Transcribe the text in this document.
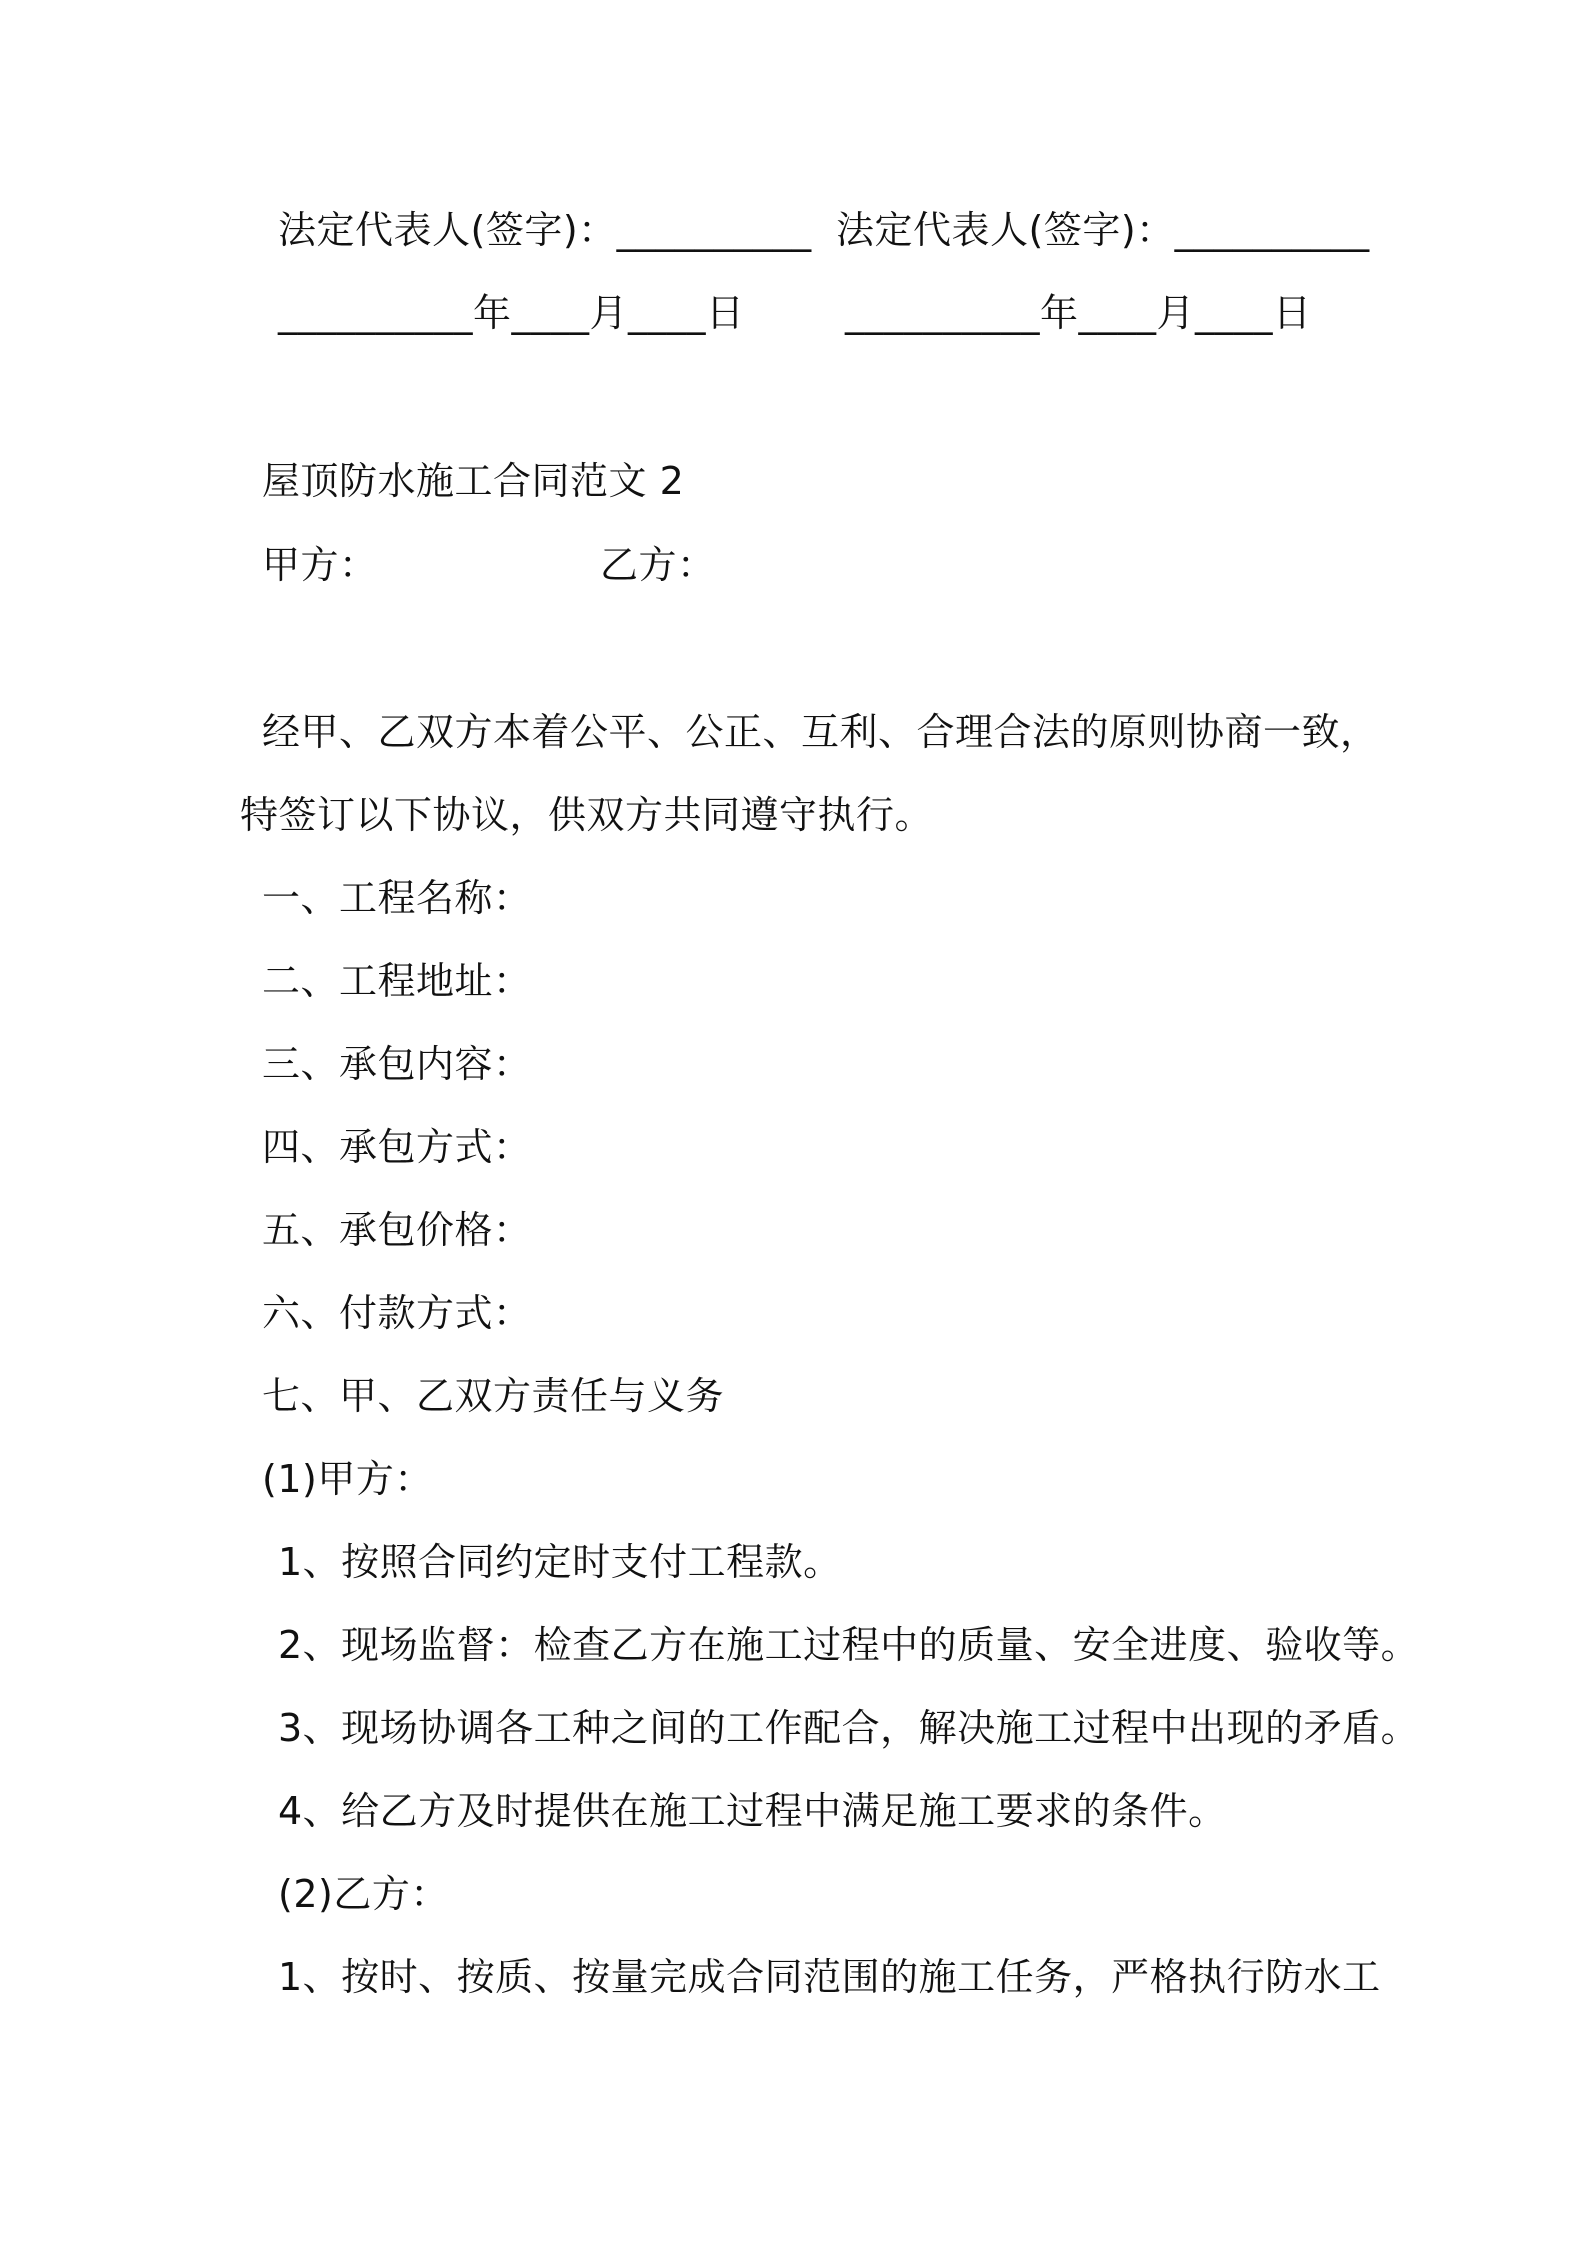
法定代表人(签字)：__________ 法定代表人(签字)：__________
__________年____月____日	__________年____月____日
屋顶防水施工合同范文 2
甲方：	乙方：
经甲、乙双方本着公平、公正、互利、合理合法的原则协商一致，
特签订以下协议，供双方共同遵守执行。
一、工程名称：
二、工程地址：
三、承包内容：
四、承包方式：
五、承包价格：
六、付款方式：
七、甲、乙双方责任与义务
(1)甲方：
1、按照合同约定时支付工程款。
2、现场监督：检查乙方在施工过程中的质量、安全进度、验收等。
3、现场协调各工种之间的工作配合，解决施工过程中出现的矛盾。
4、给乙方及时提供在施工过程中满足施工要求的条件。
(2)乙方：
1、按时、按质、按量完成合同范围的施工任务，严格执行防水工
